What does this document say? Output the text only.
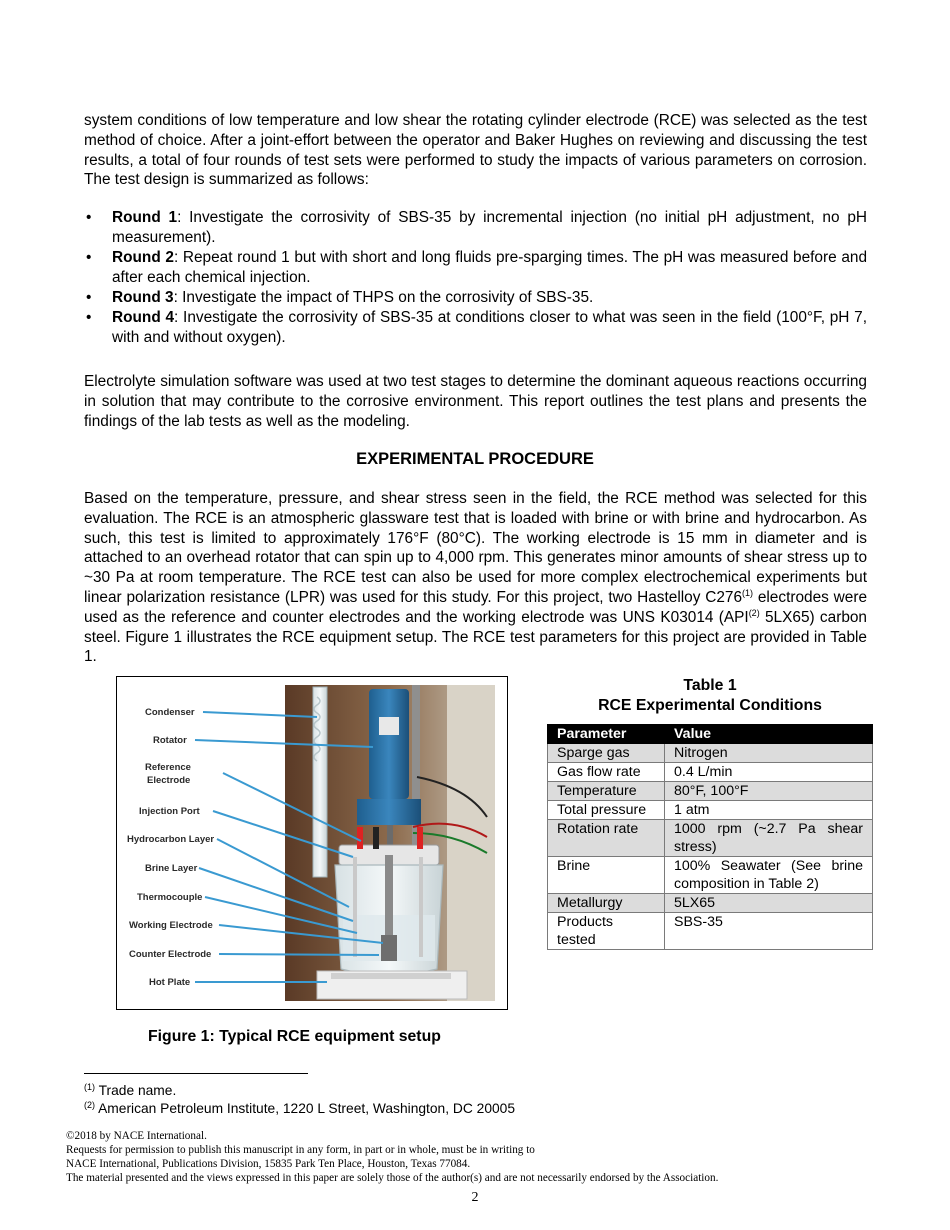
system conditions of low temperature and low shear the rotating cylinder electrode (RCE) was selected as the test method of choice. After a joint-effort between the operator and Baker Hughes on reviewing and discussing the test results, a total of four rounds of test sets were performed to study the impacts of various parameters on corrosion. The test design is summarized as follows:

• Round 1: Investigate the corrosivity of SBS-35 by incremental injection (no initial pH adjustment, no pH measurement).
• Round 2: Repeat round 1 but with short and long fluids pre-sparging times. The pH was measured before and after each chemical injection.
• Round 3: Investigate the impact of THPS on the corrosivity of SBS-35.
• Round 4: Investigate the corrosivity of SBS-35 at conditions closer to what was seen in the field (100°F, pH 7, with and without oxygen).

Electrolyte simulation software was used at two test stages to determine the dominant aqueous reactions occurring in solution that may contribute to the corrosive environment. This report outlines the test plans and presents the findings of the lab tests as well as the modeling.

EXPERIMENTAL PROCEDURE

Based on the temperature, pressure, and shear stress seen in the field, the RCE method was selected for this evaluation. The RCE is an atmospheric glassware test that is loaded with brine or with brine and hydrocarbon. As such, this test is limited to approximately 176°F (80°C). The working electrode is 15 mm in diameter and is attached to an overhead rotator that can spin up to 4,000 rpm. This generates minor amounts of shear stress up to ~30 Pa at room temperature. The RCE test can also be used for more complex electrochemical experiments but linear polarization resistance (LPR) was used for this study. For this project, two Hastelloy C276$^{(1)}$ electrodes were used as the reference and counter electrodes and the working electrode was UNS K03014 (API$^{(2)}$ 5LX65) carbon steel. Figure 1 illustrates the RCE equipment setup. The RCE test parameters for this project are provided in Table 1.

Condenser
Rotator
Reference
Electrode
Injection Port
Hydrocarbon Layer
Brine Layer
Thermocouple
Working Electrode
Counter Electrode
Hot Plate

Figure 1: Typical RCE equipment setup

Table 1
RCE Experimental Conditions
Parameter	Value
Sparge gas	Nitrogen
Gas flow rate	0.4 L/min
Temperature	80°F, 100°F
Total pressure	1 atm
Rotation rate	1000 rpm (~2.7 Pa shear stress)
Brine	100% Seawater (See brine composition in Table 2)
Metallurgy	5LX65
Products tested	SBS-35

$^{(1)}$ Trade name.

$^{(2)}$ American Petroleum Institute, 1220 L Street, Washington, DC 20005

©2018 by NACE International.
Requests for permission to publish this manuscript in any form, in part or in whole, must be in writing to
NACE International, Publications Division, 15835 Park Ten Place, Houston, Texas 77084.
The material presented and the views expressed in this paper are solely those of the author(s) and are not necessarily endorsed by the Association.

2
